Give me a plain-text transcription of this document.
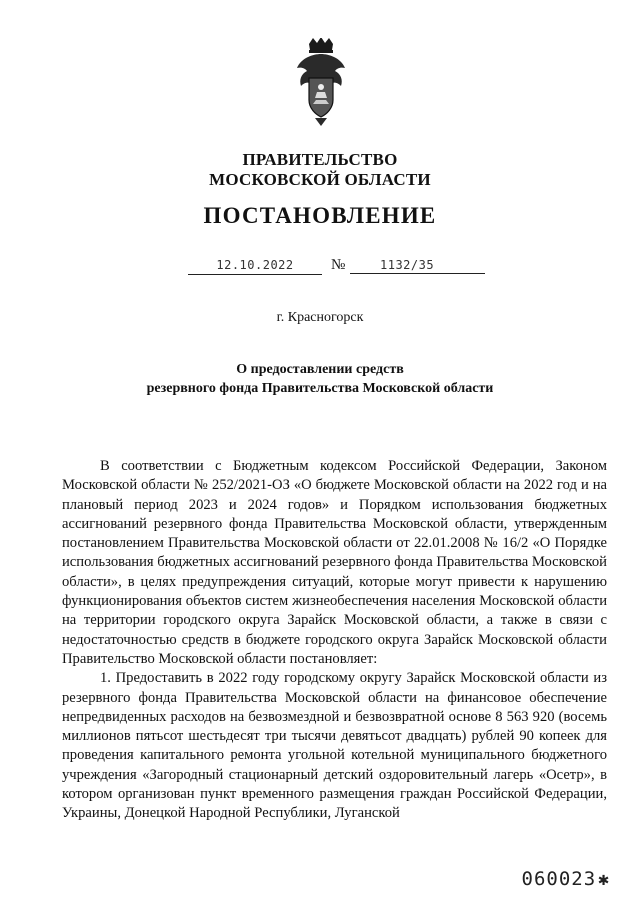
ПРАВИТЕЛЬСТВО
МОСКОВСКОЙ ОБЛАСТИ
ПОСТАНОВЛЕНИЕ
12.10.2022	№	1132/35
г. Красногорск
О предоставлении средств
резервного фонда Правительства Московской области

В соответствии с Бюджетным кодексом Российской Федерации, Законом Московской области № 252/2021-ОЗ «О бюджете Московской области на 2022 год и на плановый период 2023 и 2024 годов» и Порядком использования бюджетных ассигнований резервного фонда Правительства Московской области, утвержденным постановлением Правительства Московской области от 22.01.2008 № 16/2 «О Порядке использования бюджетных ассигнований резервного фонда Правительства Московской области», в целях предупреждения ситуаций, которые могут привести к нарушению функционирования объектов систем жизнеобеспечения населения Московской области на территории городского округа Зарайск Московской области, а также в связи с недостаточностью средств в бюджете городского округа Зарайск Московской области Правительство Московской области постановляет:

1. Предоставить в 2022 году городскому округу Зарайск Московской области из резервного фонда Правительства Московской области на финансовое обеспечение непредвиденных расходов на безвозмездной и безвозвратной основе 8 563 920 (восемь миллионов пятьсот шестьдесят три тысячи девятьсот двадцать) рублей 90 копеек для проведения капитального ремонта угольной котельной муниципального бюджетного учреждения «Загородный стационарный детский оздоровительный лагерь «Осетр», в котором организован пункт временного размещения граждан Российской Федерации, Украины, Донецкой Народной Республики, Луганской

060023 ✱
